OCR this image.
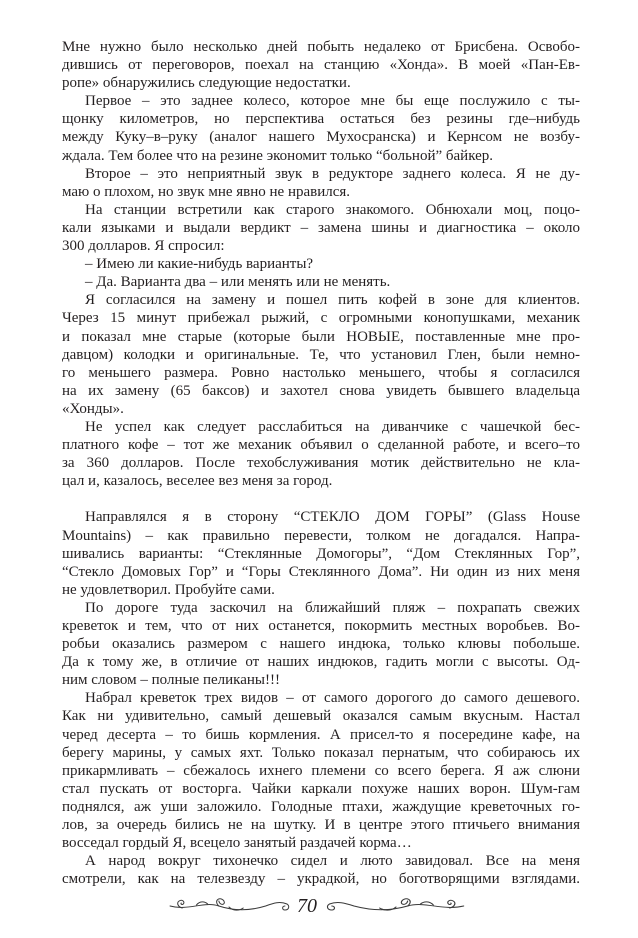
Мне нужно было несколько дней побыть недалеко от Брисбена. Освобо-
дившись от переговоров, поехал на станцию «Хонда». В моей «Пан-Ев-
ропе» обнаружились следующие недостатки.
Первое – это заднее колесо, которое мне бы еще послужило с ты-
щонку километров, но перспектива остаться без резины где–нибудь
между Куку–в–руку (аналог нашего Мухосранска) и Кернсом не возбу-
ждала. Тем более что на резине экономит только “больной” байкер.
Второе – это неприятный звук в редукторе заднего колеса. Я не ду-
маю о плохом, но звук мне явно не нравился.
На станции встретили как старого знакомого. Обнюхали моц, поцо-
кали языками и выдали вердикт – замена шины и диагностика – около
300 долларов. Я спросил:
– Имею ли какие-нибудь варианты?
– Да. Варианта два – или менять или не менять.
Я согласился на замену и пошел пить кофей в зоне для клиентов.
Через 15 минут прибежал рыжий, с огромными конопушками, механик
и показал мне старые (которые были НОВЫЕ, поставленные мне про-
давцом) колодки и оригинальные. Те, что установил Глен, были немно-
го меньшего размера. Ровно настолько меньшего, чтобы я согласился
на их замену (65 баксов) и захотел снова увидеть бывшего владельца
«Хонды».
Не успел как следует расслабиться на диванчике с чашечкой бес-
платного кофе – тот же механик объявил о сделанной работе, и всего–то
за 360 долларов. После техобслуживания мотик действительно не кла-
цал и, казалось, веселее вез меня за город.
Направлялся я в сторону “СТЕКЛО ДОМ ГОРЫ” (Glass House
Mountains) – как правильно перевести, толком не догадался. Напра-
шивались варианты: “Стеклянные Домогоры”, “Дом Стеклянных Гор”,
“Стекло Домовых Гор” и “Горы Стеклянного Дома”. Ни один из них меня
не удовлетворил. Пробуйте сами.
По дороге туда заскочил на ближайший пляж – похрапать свежих
креветок и тем, что от них останется, покормить местных воробьев. Во-
робьи оказались размером с нашего индюка, только клювы побольше.
Да к тому же, в отличие от наших индюков, гадить могли с высоты. Од-
ним словом – полные пеликаны!!!
Набрал креветок трех видов – от самого дорогого до самого дешевого.
Как ни удивительно, самый дешевый оказался самым вкусным. Настал
черед десерта – то бишь кормления. А присел-то я посередине кафе, на
берегу марины, у самых яхт. Только показал пернатым, что собираюсь их
прикармливать – сбежалось ихнего племени со всего берега. Я аж слюни
стал пускать от восторга. Чайки каркали похуже наших ворон. Шум-гам
поднялся, аж уши заложило. Голодные птахи, жаждущие креветочных го-
лов, за очередь бились не на шутку. И в центре этого птичьего внимания
восседал гордый Я, всецело занятый раздачей корма…
А народ вокруг тихонечко сидел и люто завидовал. Все на меня
смотрели, как на телезвезду – украдкой, но боготворящими взглядами.
70
